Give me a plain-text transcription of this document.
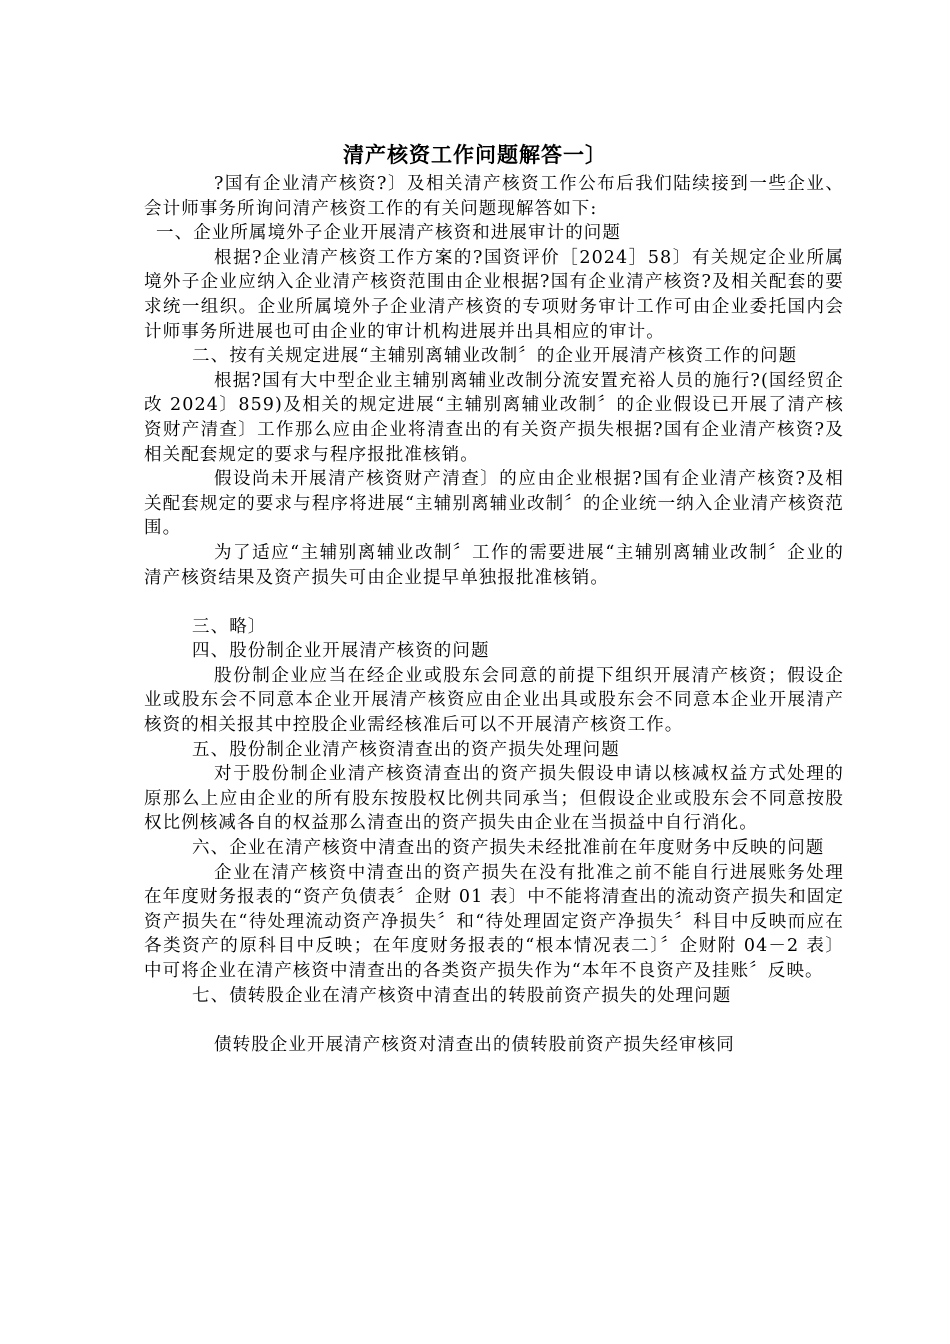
清产核资工作问题解答一〕

?国有企业清产核资?〕及相关清产核资工作公布后我们陆续接到一些企业、会计师事务所询问清产核资工作的有关问题现解答如下:

一、企业所属境外子企业开展清产核资和进展审计的问题

根据?企业清产核资工作方案的?国资评价［2024］58〕有关规定企业所属境外子企业应纳入企业清产核资范围由企业根据?国有企业清产核资?及相关配套的要求统一组织。企业所属境外子企业清产核资的专项财务审计工作可由企业委托国内会计师事务所进展也可由企业的审计机构进展并出具相应的审计。

二、按有关规定进展“主辅别离辅业改制〞的企业开展清产核资工作的问题

根据?国有大中型企业主辅别离辅业改制分流安置充裕人员的施行?(国经贸企改 2024〕859)及相关的规定进展“主辅别离辅业改制〞的企业假设已开展了清产核资财产清查〕工作那么应由企业将清查出的有关资产损失根据?国有企业清产核资?及相关配套规定的要求与程序报批准核销。

假设尚未开展清产核资财产清查〕的应由企业根据?国有企业清产核资?及相关配套规定的要求与程序将进展“主辅别离辅业改制〞的企业统一纳入企业清产核资范围。

为了适应“主辅别离辅业改制〞工作的需要进展“主辅别离辅业改制〞企业的清产核资结果及资产损失可由企业提早单独报批准核销。

三、略〕

四、股份制企业开展清产核资的问题

股份制企业应当在经企业或股东会同意的前提下组织开展清产核资；假设企业或股东会不同意本企业开展清产核资应由企业出具或股东会不同意本企业开展清产核资的相关报其中控股企业需经核准后可以不开展清产核资工作。

五、股份制企业清产核资清查出的资产损失处理问题

对于股份制企业清产核资清查出的资产损失假设申请以核减权益方式处理的原那么上应由企业的所有股东按股权比例共同承当；但假设企业或股东会不同意按股权比例核减各自的权益那么清查出的资产损失由企业在当损益中自行消化。

六、企业在清产核资中清查出的资产损失未经批准前在年度财务中反映的问题

企业在清产核资中清查出的资产损失在没有批准之前不能自行进展账务处理在年度财务报表的“资产负债表〞企财 01 表〕中不能将清查出的流动资产损失和固定资产损失在“待处理流动资产净损失〞和“待处理固定资产净损失〞科目中反映而应在各类资产的原科目中反映；在年度财务报表的“根本情况表二〕〞企财附 04－2 表〕中可将企业在清产核资中清查出的各类资产损失作为“本年不良资产及挂账〞反映。

七、债转股企业在清产核资中清查出的转股前资产损失的处理问题

债转股企业开展清产核资对清查出的债转股前资产损失经审核同
